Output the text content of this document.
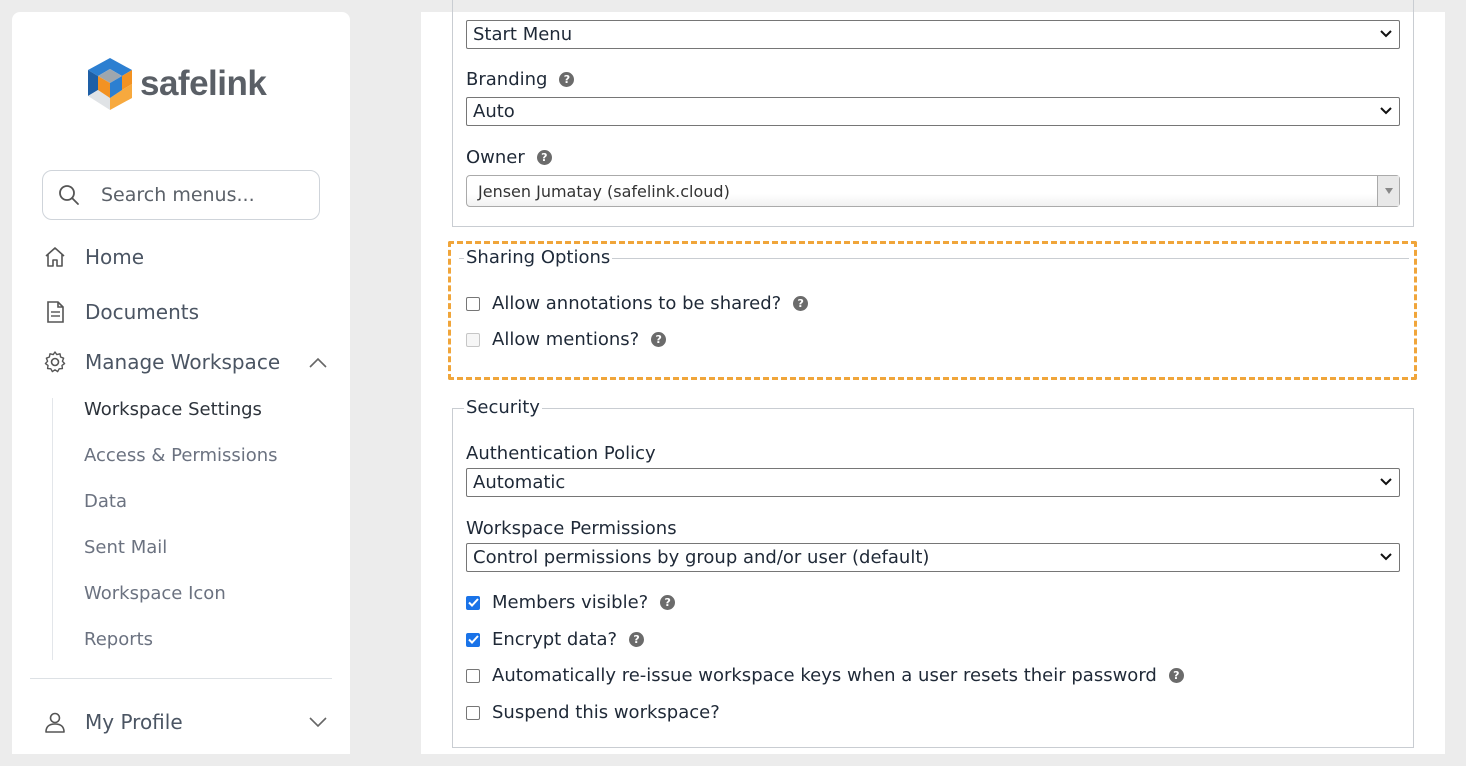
safelink
Search menus...
Home
Documents
Manage Workspace
Workspace Settings
Access & Permissions
Data
Sent Mail
Workspace Icon
Reports
My Profile
Start Menu
Branding	?
Auto
Owner	?
Jensen Jumatay (safelink.cloud)
Sharing Options
Allow annotations to be shared?	?
Allow mentions?	?
Security
Authentication Policy
Automatic
Workspace Permissions
Control permissions by group and/or user (default)
Members visible?	?
Encrypt data?	?
Automatically re-issue workspace keys when a user resets their password	?
Suspend this workspace?
